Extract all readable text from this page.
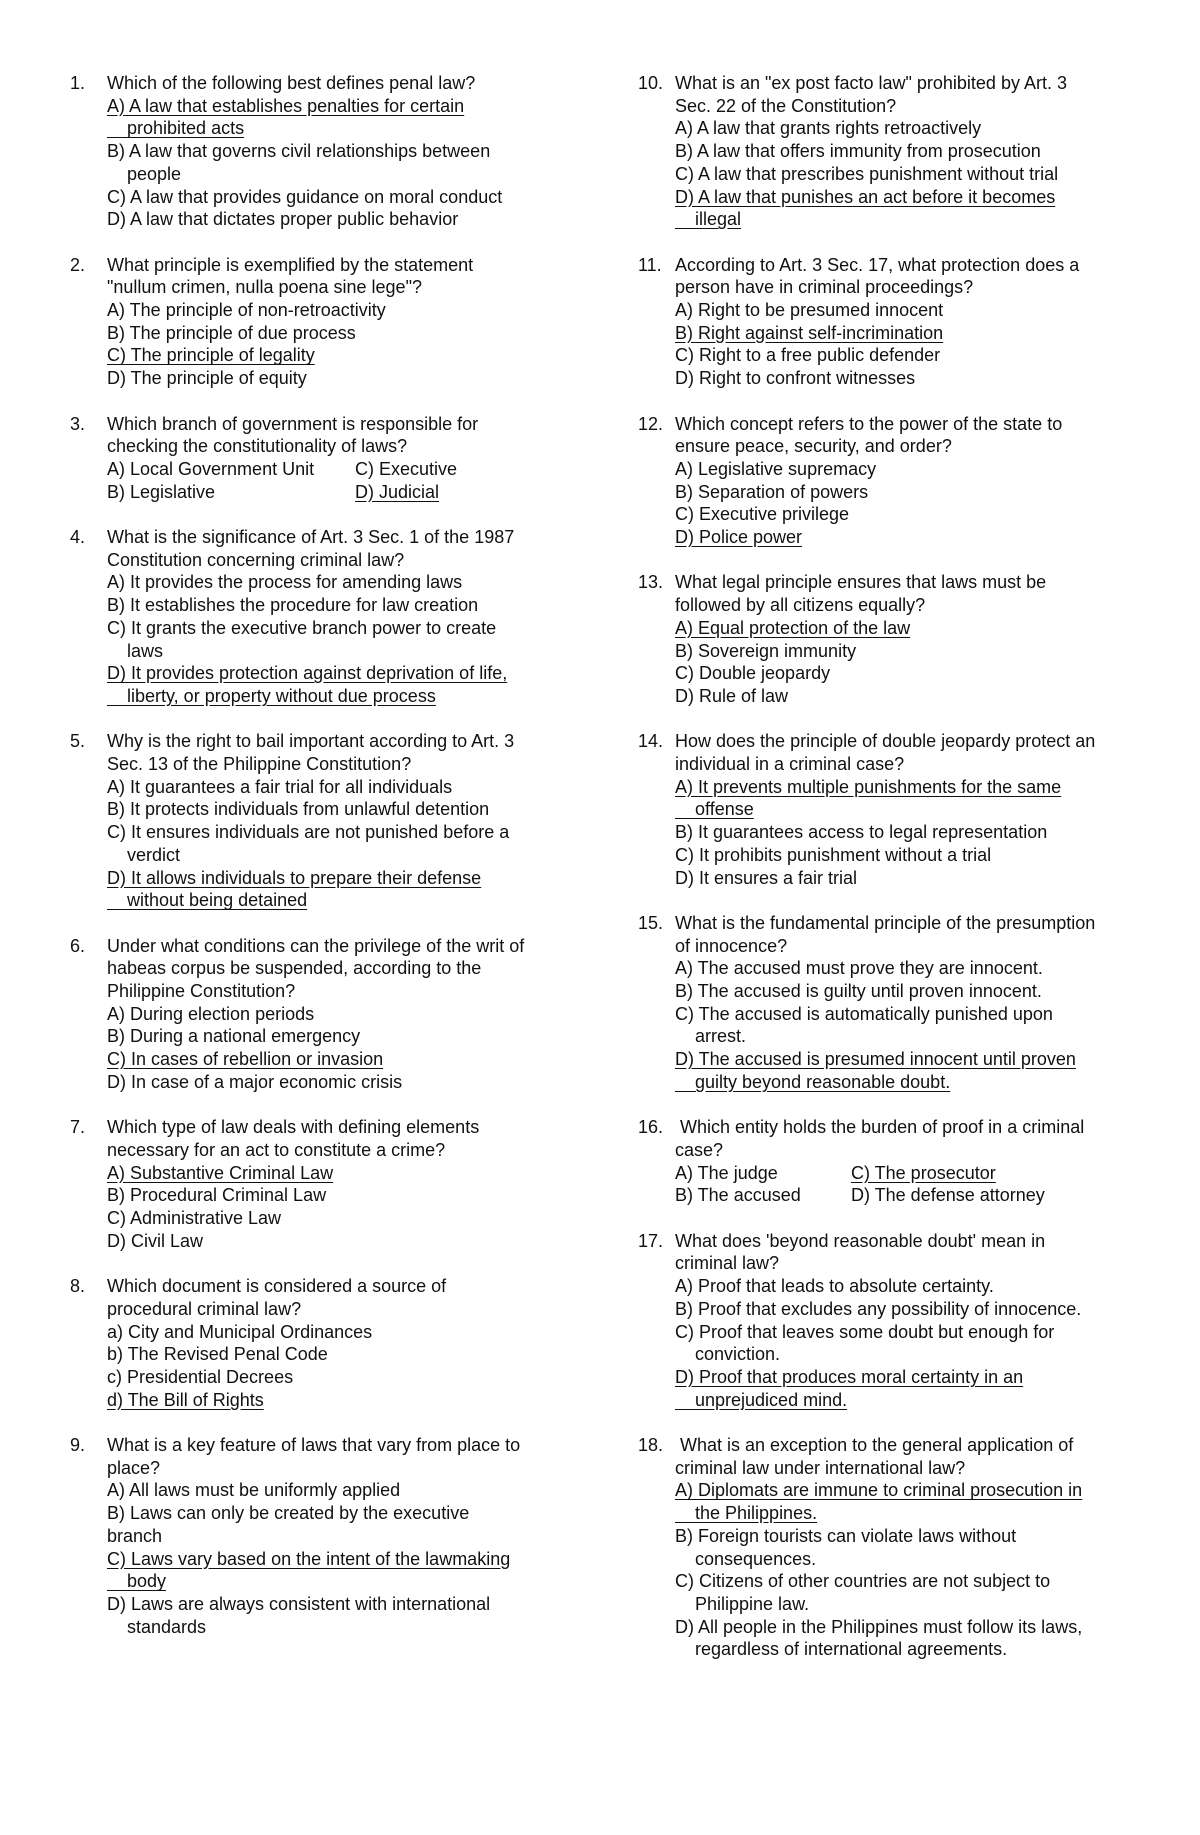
1. Which of the following best defines penal law?
A) A law that establishes penalties for certain
prohibited acts
B) A law that governs civil relationships between
people
C) A law that provides guidance on moral conduct
D) A law that dictates proper public behavior
2. What principle is exemplified by the statement
"nullum crimen, nulla poena sine lege"?
A) The principle of non-retroactivity
B) The principle of due process
C) The principle of legality
D) The principle of equity
3. Which branch of government is responsible for
checking the constitutionality of laws?
A) Local Government Unit	C) Executive
B) Legislative	D) Judicial
4. What is the significance of Art. 3 Sec. 1 of the 1987
Constitution concerning criminal law?
A) It provides the process for amending laws
B) It establishes the procedure for law creation
C) It grants the executive branch power to create
laws
D) It provides protection against deprivation of life,
liberty, or property without due process
5. Why is the right to bail important according to Art. 3
Sec. 13 of the Philippine Constitution?
A) It guarantees a fair trial for all individuals
B) It protects individuals from unlawful detention
C) It ensures individuals are not punished before a
verdict
D) It allows individuals to prepare their defense
without being detained
6. Under what conditions can the privilege of the writ of
habeas corpus be suspended, according to the
Philippine Constitution?
A) During election periods
B) During a national emergency
C) In cases of rebellion or invasion
D) In case of a major economic crisis
7. Which type of law deals with defining elements
necessary for an act to constitute a crime?
A) Substantive Criminal Law
B) Procedural Criminal Law
C) Administrative Law
D) Civil Law
8. Which document is considered a source of
procedural criminal law?
a) City and Municipal Ordinances
b) The Revised Penal Code
c) Presidential Decrees
d) The Bill of Rights
9. What is a key feature of laws that vary from place to
place?
A) All laws must be uniformly applied
B) Laws can only be created by the executive
branch
C) Laws vary based on the intent of the lawmaking
body
D) Laws are always consistent with international
standards
10. What is an "ex post facto law" prohibited by Art. 3
Sec. 22 of the Constitution?
A) A law that grants rights retroactively
B) A law that offers immunity from prosecution
C) A law that prescribes punishment without trial
D) A law that punishes an act before it becomes
illegal
11. According to Art. 3 Sec. 17, what protection does a
person have in criminal proceedings?
A) Right to be presumed innocent
B) Right against self-incrimination
C) Right to a free public defender
D) Right to confront witnesses
12. Which concept refers to the power of the state to
ensure peace, security, and order?
A) Legislative supremacy
B) Separation of powers
C) Executive privilege
D) Police power
13. What legal principle ensures that laws must be
followed by all citizens equally?
A) Equal protection of the law
B) Sovereign immunity
C) Double jeopardy
D) Rule of law
14. How does the principle of double jeopardy protect an
individual in a criminal case?
A) It prevents multiple punishments for the same
offense
B) It guarantees access to legal representation
C) It prohibits punishment without a trial
D) It ensures a fair trial
15. What is the fundamental principle of the presumption
of innocence?
A) The accused must prove they are innocent.
B) The accused is guilty until proven innocent.
C) The accused is automatically punished upon
arrest.
D) The accused is presumed innocent until proven
guilty beyond reasonable doubt.
16. Which entity holds the burden of proof in a criminal
case?
A) The judge	C) The prosecutor
B) The accused	D) The defense attorney
17. What does 'beyond reasonable doubt' mean in
criminal law?
A) Proof that leads to absolute certainty.
B) Proof that excludes any possibility of innocence.
C) Proof that leaves some doubt but enough for
conviction.
D) Proof that produces moral certainty in an
unprejudiced mind.
18. What is an exception to the general application of
criminal law under international law?
A) Diplomats are immune to criminal prosecution in
the Philippines.
B) Foreign tourists can violate laws without
consequences.
C) Citizens of other countries are not subject to
Philippine law.
D) All people in the Philippines must follow its laws,
regardless of international agreements.
